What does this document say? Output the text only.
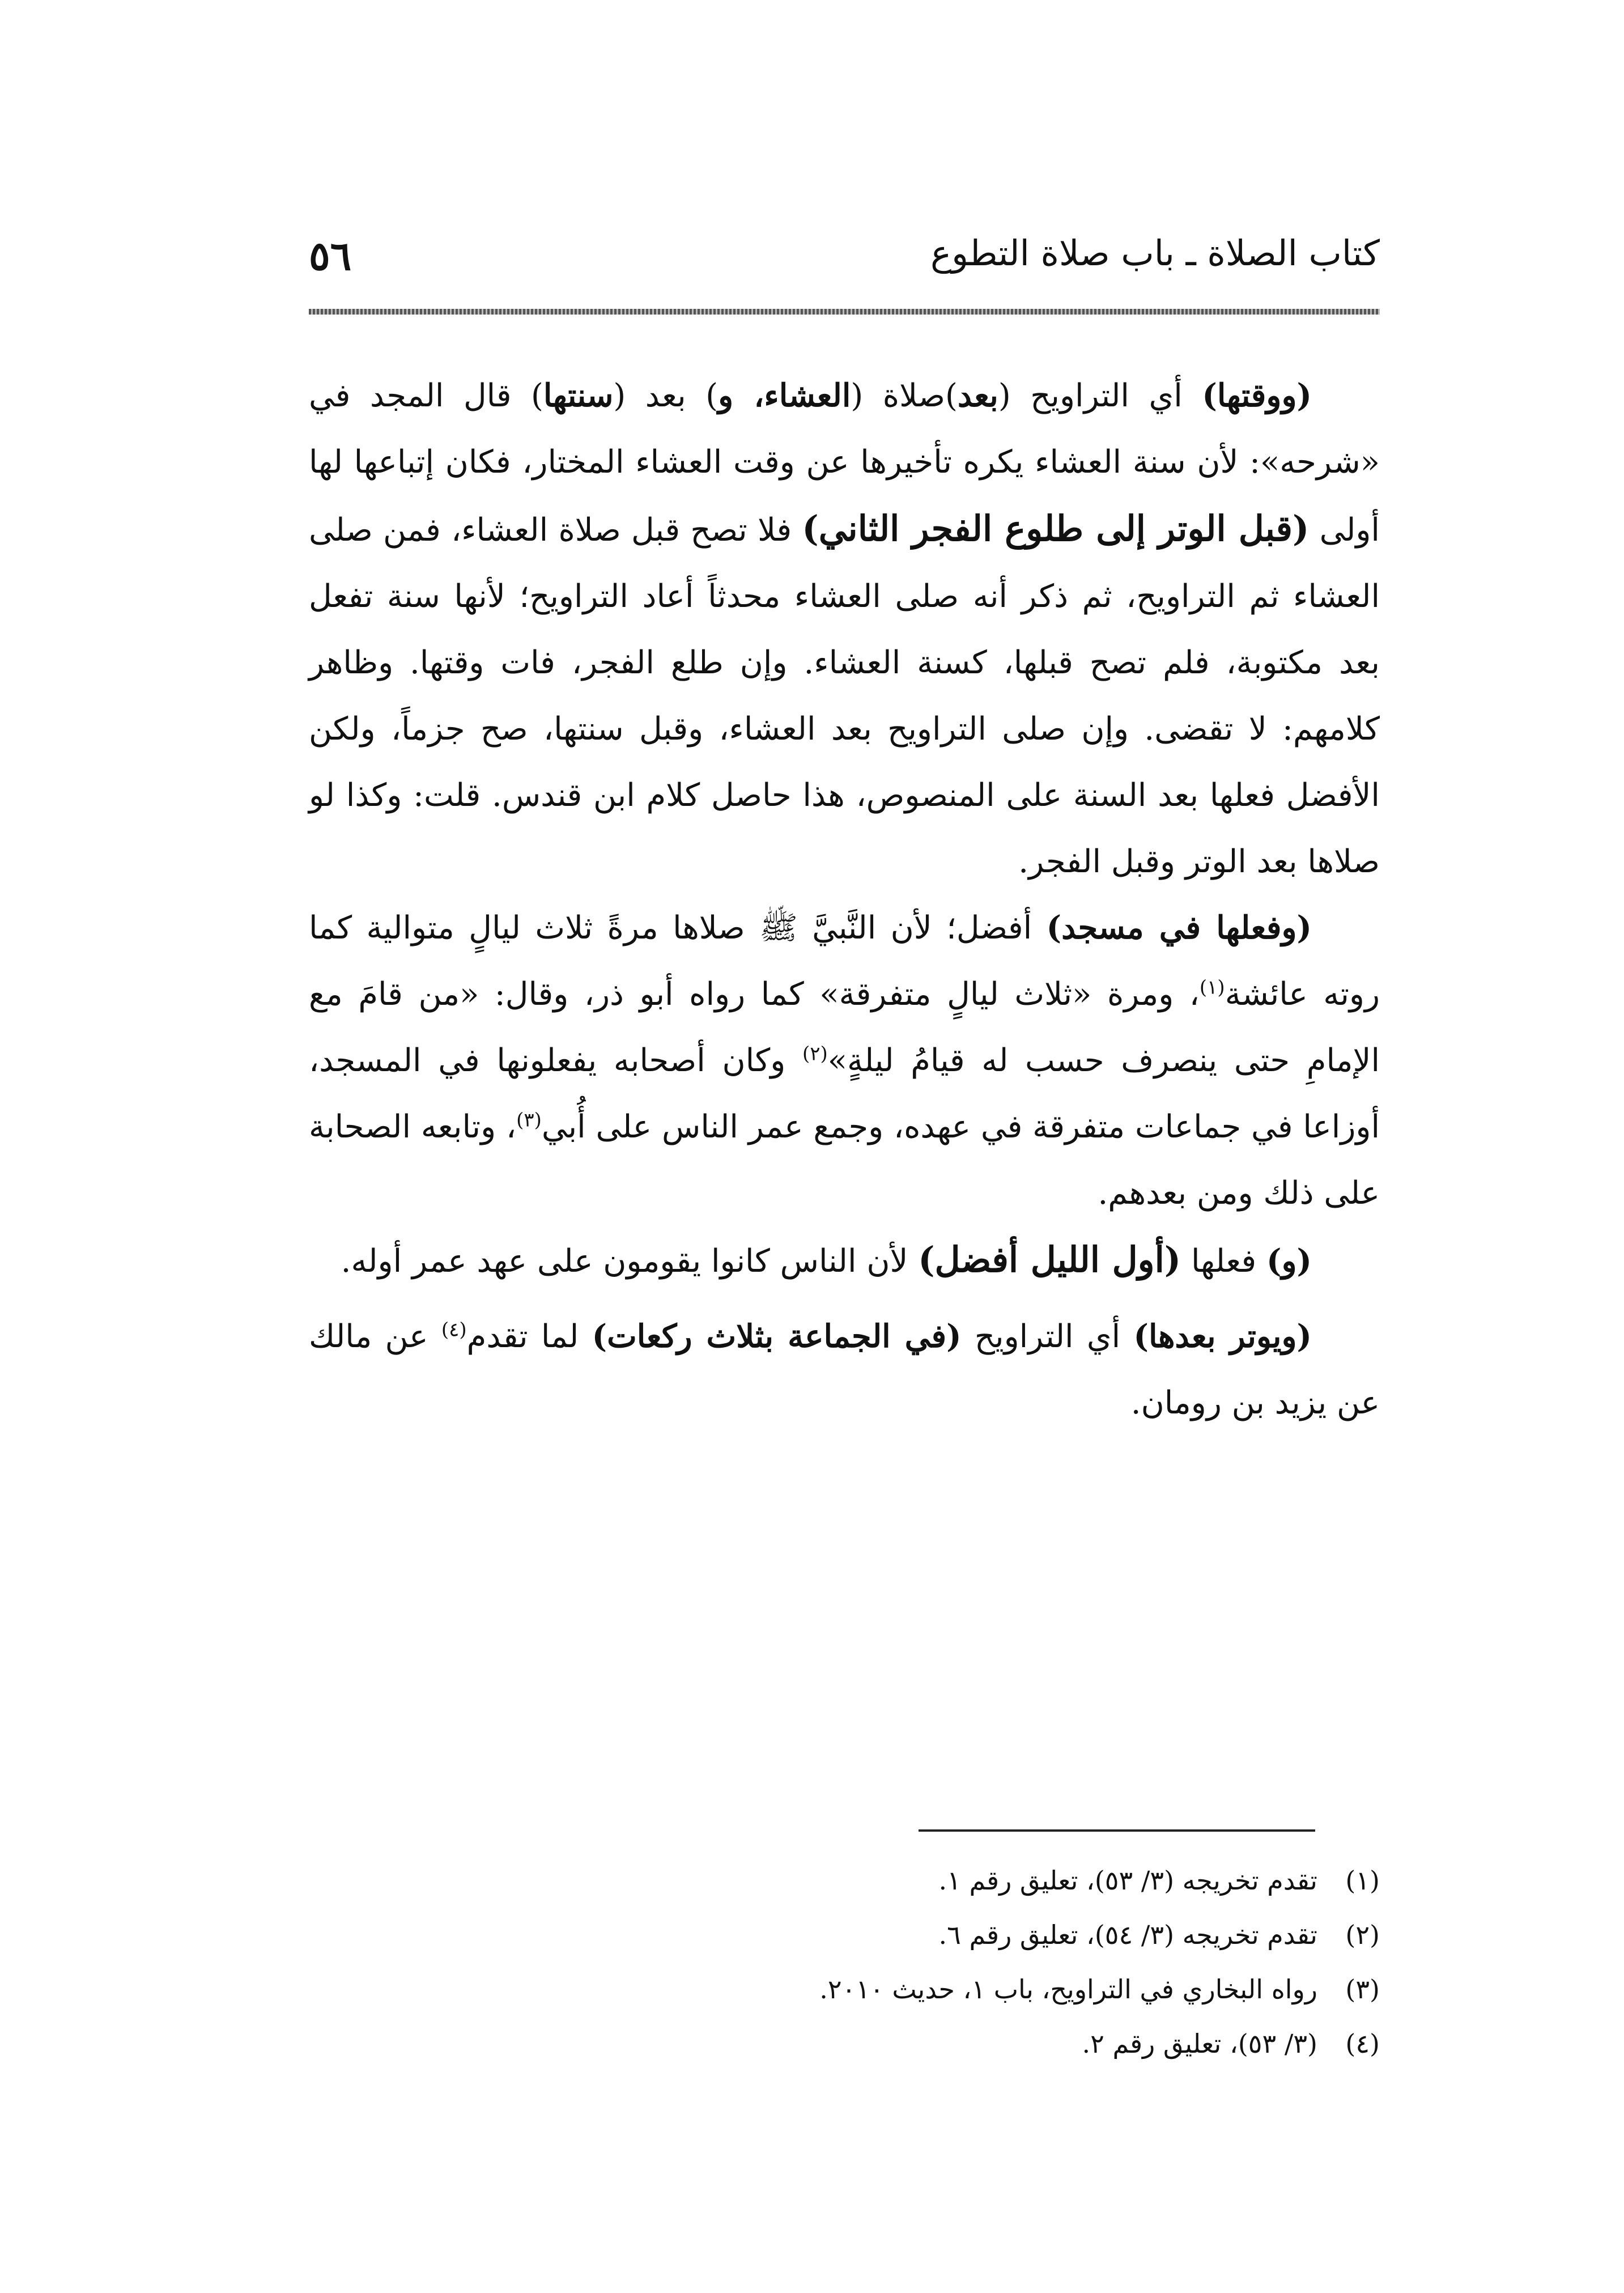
كتاب الصلاة ـ باب صلاة التطوع
٥٦

(ووقتها) أي التراويح (بعد)صلاة (العشاء، و) بعد (سنتها) قال المجد في «شرحه»: لأن سنة العشاء يكره تأخيرها عن وقت العشاء المختار، فكان إتباعها لها أولى (قبل الوتر إلى طلوع الفجر الثاني) فلا تصح قبل صلاة العشاء، فمن صلى العشاء ثم التراويح، ثم ذكر أنه صلى العشاء محدثاً أعاد التراويح؛ لأنها سنة تفعل بعد مكتوبة، فلم تصح قبلها، كسنة العشاء. وإن طلع الفجر، فات وقتها. وظاهر كلامهم: لا تقضى. وإن صلى التراويح بعد العشاء، وقبل سنتها، صح جزماً، ولكن الأفضل فعلها بعد السنة على المنصوص، هذا حاصل كلام ابن قندس. قلت: وكذا لو صلاها بعد الوتر وقبل الفجر.

(وفعلها في مسجد) أفضل؛ لأن النَّبيَّ ﷺ صلاها مرةً ثلاث ليالٍ متوالية كما روته عائشة$^{(١)}$، ومرة «ثلاث ليالٍ متفرقة» كما رواه أبو ذر، وقال: «من قامَ مع الإمامِ حتى ينصرف حسب له قيامُ ليلةٍ»$^{(٢)}$ وكان أصحابه يفعلونها في المسجد، أوزاعا في جماعات متفرقة في عهده، وجمع عمر الناس على أُبي$^{(٣)}$، وتابعه الصحابة على ذلك ومن بعدهم.

(و) فعلها (أول الليل أفضل) لأن الناس كانوا يقومون على عهد عمر أوله.

(ويوتر بعدها) أي التراويح (في الجماعة بثلاث ركعات) لما تقدم$^{(٤)}$ عن مالك عن يزيد بن رومان.

(١)
تقدم تخريجه (٣/ ٥٣)، تعليق رقم ١.
(٢)
تقدم تخريجه (٣/ ٥٤)، تعليق رقم ٦.
(٣)
رواه البخاري في التراويح، باب ١، حديث ٢٠١٠.
(٤)
(٣/ ٥٣)، تعليق رقم ٢.
